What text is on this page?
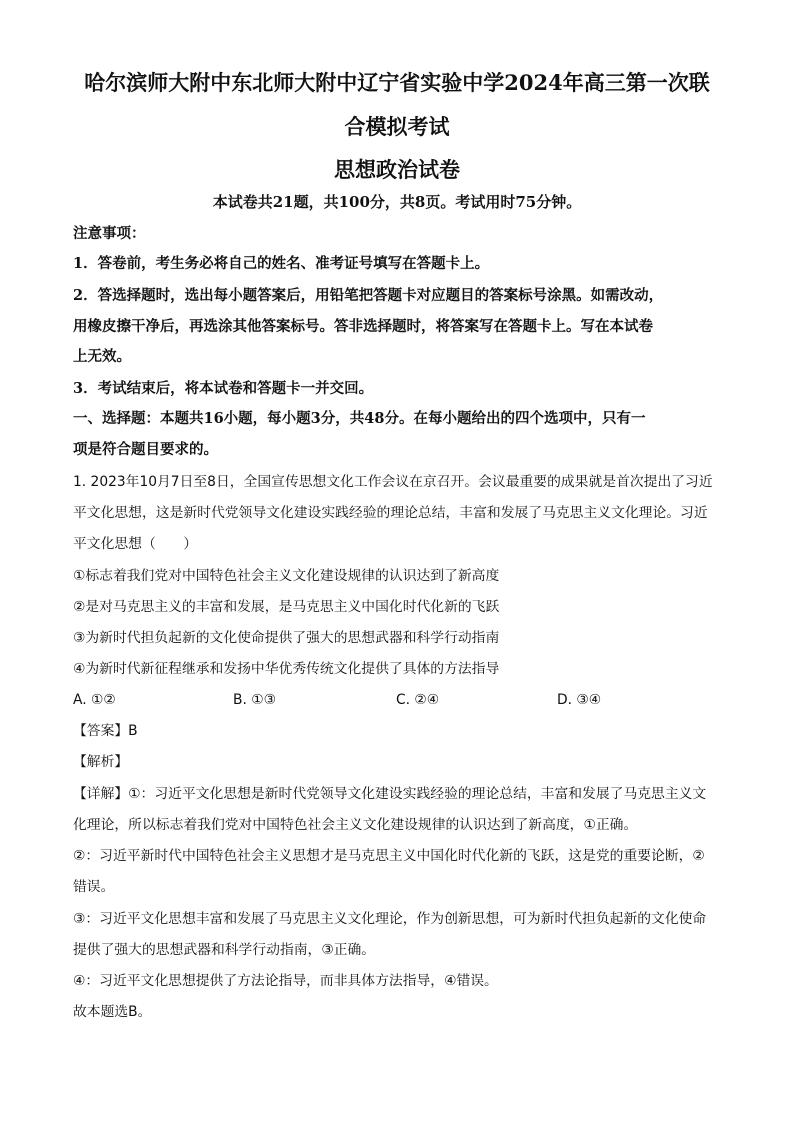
哈尔滨师大附中东北师大附中辽宁省实验中学2024年高三第一次联
合模拟考试
思想政治试卷
本试卷共21题，共100分，共8页。考试用时75分钟。
注意事项：
1．答卷前，考生务必将自己的姓名、准考证号填写在答题卡上。
2．答选择题时，选出每小题答案后，用铅笔把答题卡对应题目的答案标号涂黑。如需改动，
用橡皮擦干净后，再选涂其他答案标号。答非选择题时，将答案写在答题卡上。写在本试卷
上无效。
3．考试结束后，将本试卷和答题卡一并交回。
一、选择题：本题共16小题，每小题3分，共48分。在每小题给出的四个选项中，只有一
项是符合题目要求的。
1. 2023年10月7日至8日，全国宣传思想文化工作会议在京召开。会议最重要的成果就是首次提出了习近
平文化思想，这是新时代党领导文化建设实践经验的理论总结，丰富和发展了马克思主义文化理论。习近
平文化思想（　　）
①标志着我们党对中国特色社会主义文化建设规律的认识达到了新高度
②是对马克思主义的丰富和发展，是马克思主义中国化时代化新的飞跃
③为新时代担负起新的文化使命提供了强大的思想武器和科学行动指南
④为新时代新征程继承和发扬中华优秀传统文化提供了具体的方法指导
A. ①②	B. ①③	C. ②④	D. ③④
【答案】B
【解析】
【详解】①：习近平文化思想是新时代党领导文化建设实践经验的理论总结，丰富和发展了马克思主义文
化理论，所以标志着我们党对中国特色社会主义文化建设规律的认识达到了新高度，①正确。
②：习近平新时代中国特色社会主义思想才是马克思主义中国化时代化新的飞跃，这是党的重要论断，②
错误。
③：习近平文化思想丰富和发展了马克思主义文化理论，作为创新思想，可为新时代担负起新的文化使命
提供了强大的思想武器和科学行动指南，③正确。
④：习近平文化思想提供了方法论指导，而非具体方法指导，④错误。
故本题选B。
